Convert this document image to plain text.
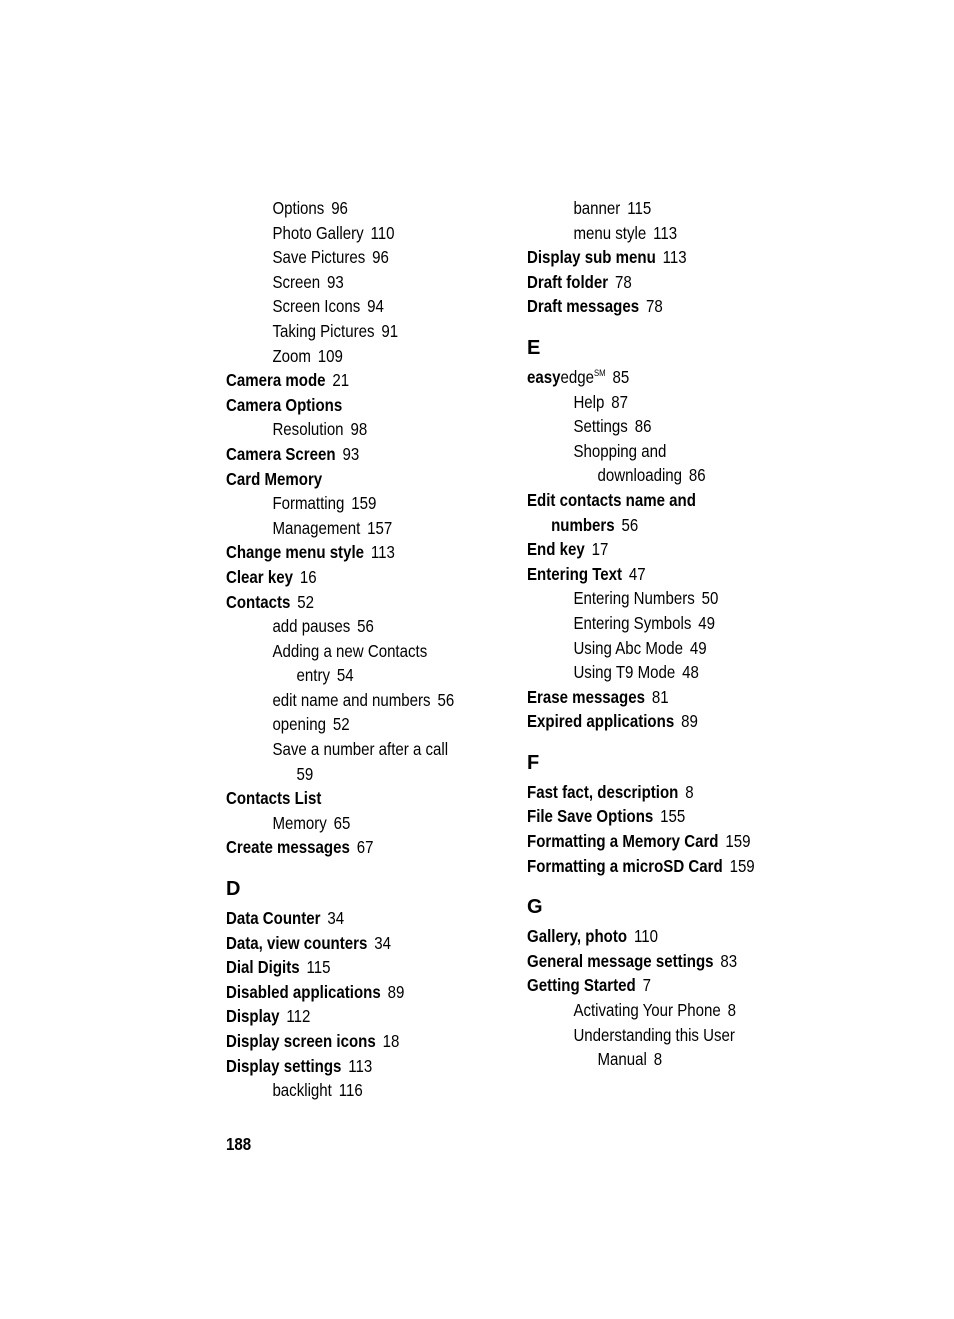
Options 96
Photo Gallery 110
Save Pictures 96
Screen 93
Screen Icons 94
Taking Pictures 91
Zoom 109
Camera mode 21
Camera Options
Resolution 98
Camera Screen 93
Card Memory
Formatting 159
Management 157
Change menu style 113
Clear key 16
Contacts 52
add pauses 56
Adding a new Contacts
entry 54
edit name and numbers 56
opening 52
Save a number after a call
59
Contacts List
Memory 65
Create messages 67
D
Data Counter 34
Data, view counters 34
Dial Digits 115
Disabled applications 89
Display 112
Display screen icons 18
Display settings 113
backlight 116
banner 115
menu style 113
Display sub menu 113
Draft folder 78
Draft messages 78
E
easyedge℠ 85
Help 87
Settings 86
Shopping and
downloading 86
Edit contacts name and
numbers 56
End key 17
Entering Text 47
Entering Numbers 50
Entering Symbols 49
Using Abc Mode 49
Using T9 Mode 48
Erase messages 81
Expired applications 89
F
Fast fact, description 8
File Save Options 155
Formatting a Memory Card 159
Formatting a microSD Card 159
G
Gallery, photo 110
General message settings 83
Getting Started 7
Activating Your Phone 8
Understanding this User
Manual 8
188
